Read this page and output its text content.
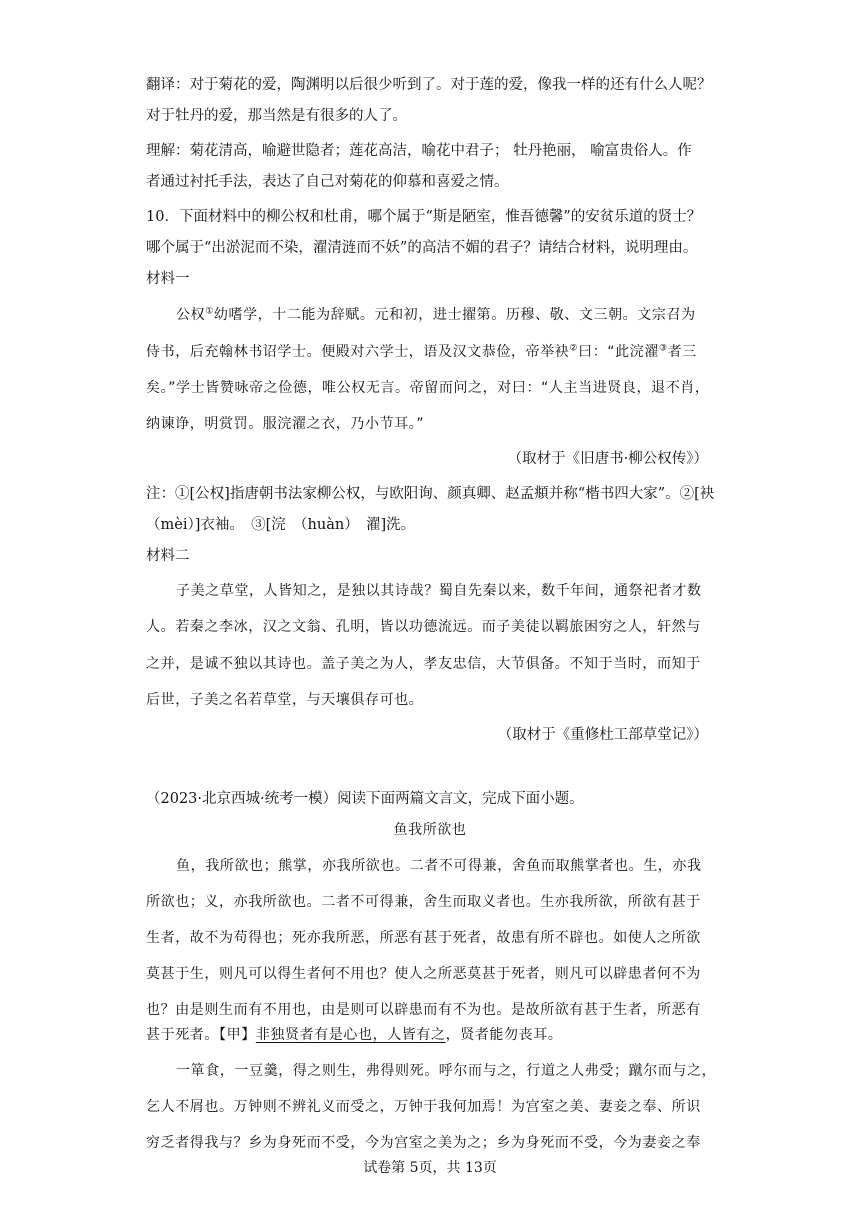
翻译：对于菊花的爱，陶渊明以后很少听到了。对于莲的爱，像我一样的还有什么人呢？
对于牡丹的爱，那当然是有很多的人了。
理解：菊花清高，喻避世隐者；莲花高洁，喻花中君子； 牡丹艳丽， 喻富贵俗人。作
者通过衬托手法，表达了自己对菊花的仰慕和喜爱之情。
10．下面材料中的柳公权和杜甫，哪个属于“斯是陋室，惟吾德馨”的安贫乐道的贤士？
哪个属于“出淤泥而不染，濯清涟而不妖”的高洁不媚的君子？请结合材料，说明理由。
材料一
公权①幼嗜学，十二能为辞赋。元和初，进士擢第。历穆、敬、文三朝。文宗召为
侍书，后充翰林书诏学士。便殿对六学士，语及汉文恭俭，帝举袂②曰：“此浣濯③者三
矣。”学士皆赞咏帝之俭德，唯公权无言。帝留而问之，对曰：“人主当进贤良，退不肖，
纳谏诤，明赏罚。服浣濯之衣，乃小节耳。”
（取材于《旧唐书·柳公权传》）
注：①[公权]指唐朝书法家柳公权，与欧阳询、颜真卿、赵孟頫并称“楷书四大家”。②[袂
（mèi）]衣袖。　③[浣　（huàn）　濯]洗。
材料二
子美之草堂，人皆知之，是独以其诗哉？蜀自先秦以来，数千年间，通祭祀者才数
人。若秦之李冰，汉之文翁、孔明，皆以功德流远。而子美徒以羁旅困穷之人，轩然与
之并，是诚不独以其诗也。盖子美之为人，孝友忠信，大节俱备。不知于当时，而知于
后世，子美之名若草堂，与天壤俱存可也。
（取材于《重修杜工部草堂记》）
（2023·北京西城·统考一模）阅读下面两篇文言文，完成下面小题。
鱼我所欲也
鱼，我所欲也；熊掌，亦我所欲也。二者不可得兼，舍鱼而取熊掌者也。生，亦我
所欲也；义，亦我所欲也。二者不可得兼，舍生而取义者也。生亦我所欲，所欲有甚于
生者，故不为苟得也；死亦我所恶，所恶有甚于死者，故患有所不辟也。如使人之所欲
莫甚于生，则凡可以得生者何不用也？使人之所恶莫甚于死者，则凡可以辟患者何不为
也？由是则生而有不用也，由是则可以辟患而有不为也。是故所欲有甚于生者，所恶有
甚于死者。【甲】非独贤者有是心也，人皆有之，贤者能勿丧耳。
一箪食，一豆羹，得之则生，弗得则死。呼尔而与之，行道之人弗受；蹴尔而与之，
乞人不屑也。万钟则不辨礼义而受之，万钟于我何加焉！为宫室之美、妻妾之奉、所识
穷乏者得我与？乡为身死而不受，今为宫室之美为之；乡为身死而不受，今为妻妾之奉
试卷第 5页，共 13页
